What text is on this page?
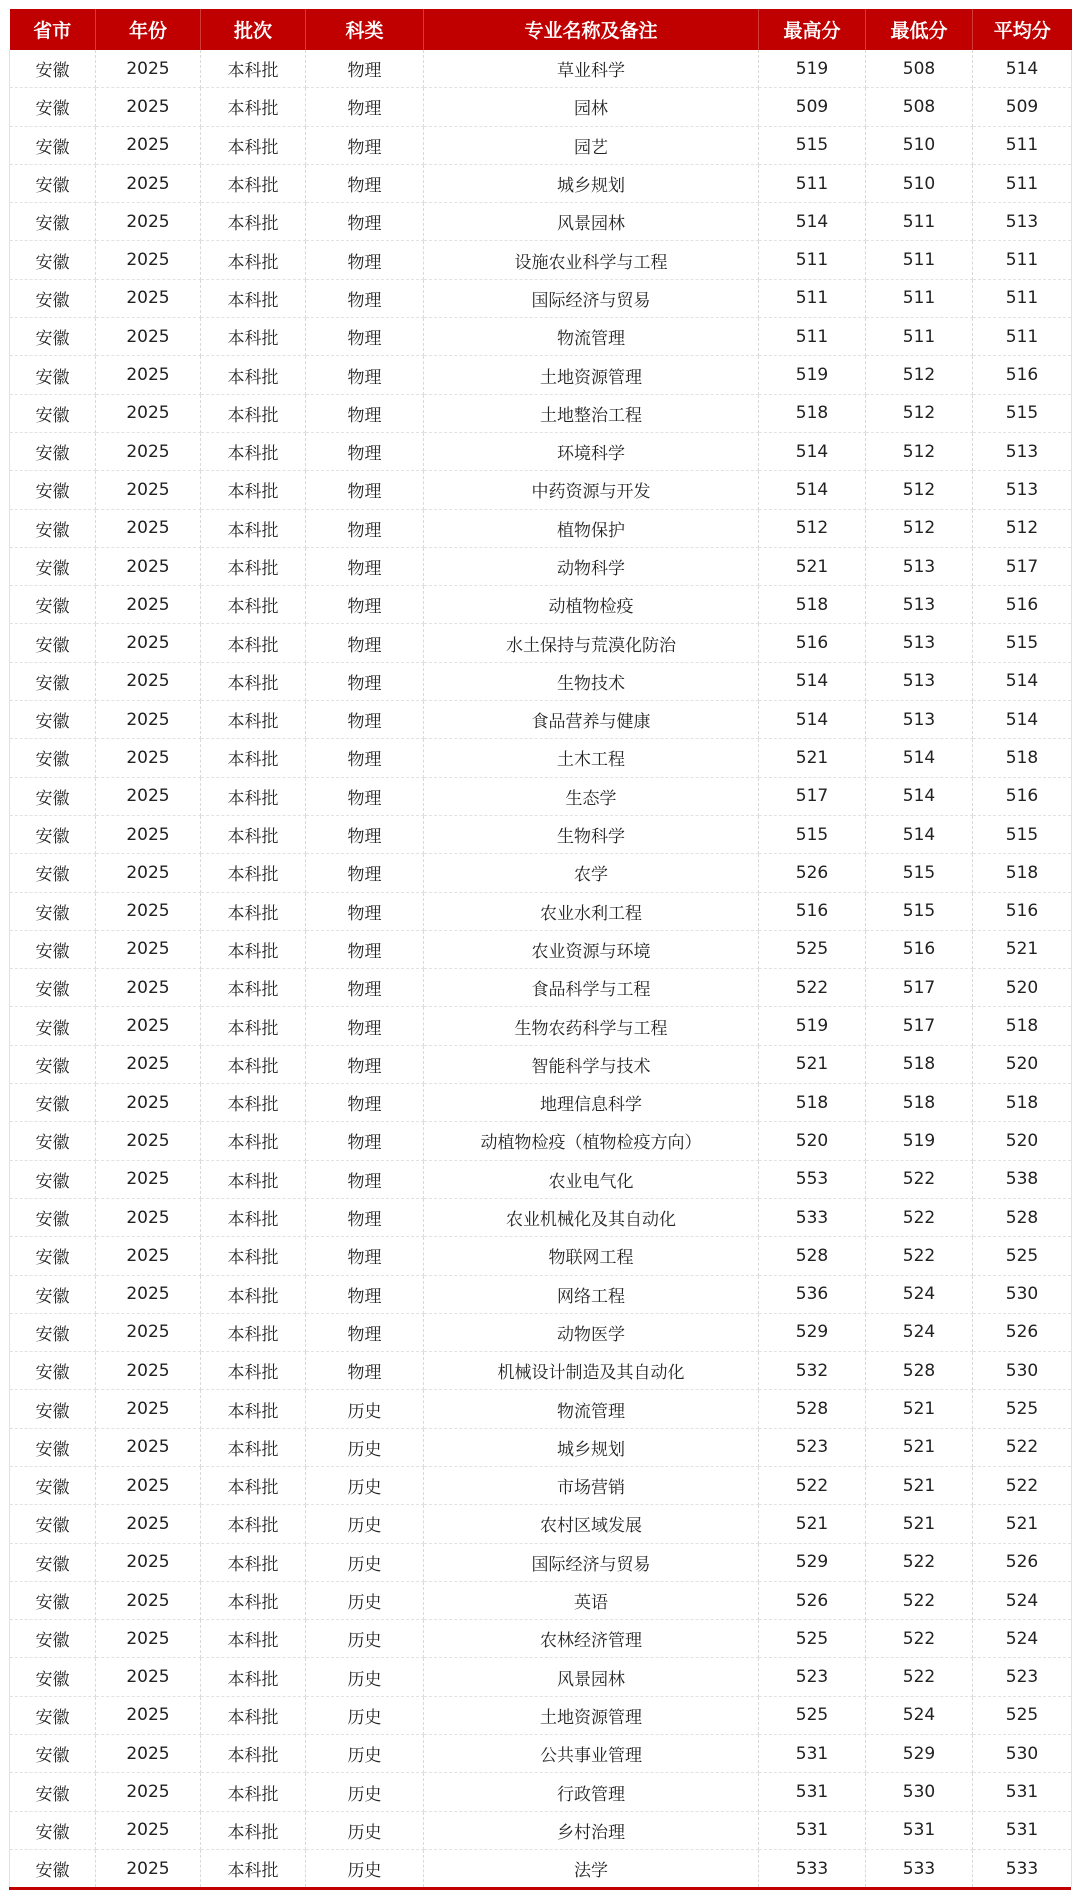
省市	年份	批次	科类	专业名称及备注	最高分	最低分	平均分
安徽	2025	本科批	物理	草业科学	519	508	514
安徽	2025	本科批	物理	园林	509	508	509
安徽	2025	本科批	物理	园艺	515	510	511
安徽	2025	本科批	物理	城乡规划	511	510	511
安徽	2025	本科批	物理	风景园林	514	511	513
安徽	2025	本科批	物理	设施农业科学与工程	511	511	511
安徽	2025	本科批	物理	国际经济与贸易	511	511	511
安徽	2025	本科批	物理	物流管理	511	511	511
安徽	2025	本科批	物理	土地资源管理	519	512	516
安徽	2025	本科批	物理	土地整治工程	518	512	515
安徽	2025	本科批	物理	环境科学	514	512	513
安徽	2025	本科批	物理	中药资源与开发	514	512	513
安徽	2025	本科批	物理	植物保护	512	512	512
安徽	2025	本科批	物理	动物科学	521	513	517
安徽	2025	本科批	物理	动植物检疫	518	513	516
安徽	2025	本科批	物理	水土保持与荒漠化防治	516	513	515
安徽	2025	本科批	物理	生物技术	514	513	514
安徽	2025	本科批	物理	食品营养与健康	514	513	514
安徽	2025	本科批	物理	土木工程	521	514	518
安徽	2025	本科批	物理	生态学	517	514	516
安徽	2025	本科批	物理	生物科学	515	514	515
安徽	2025	本科批	物理	农学	526	515	518
安徽	2025	本科批	物理	农业水利工程	516	515	516
安徽	2025	本科批	物理	农业资源与环境	525	516	521
安徽	2025	本科批	物理	食品科学与工程	522	517	520
安徽	2025	本科批	物理	生物农药科学与工程	519	517	518
安徽	2025	本科批	物理	智能科学与技术	521	518	520
安徽	2025	本科批	物理	地理信息科学	518	518	518
安徽	2025	本科批	物理	动植物检疫（植物检疫方向）	520	519	520
安徽	2025	本科批	物理	农业电气化	553	522	538
安徽	2025	本科批	物理	农业机械化及其自动化	533	522	528
安徽	2025	本科批	物理	物联网工程	528	522	525
安徽	2025	本科批	物理	网络工程	536	524	530
安徽	2025	本科批	物理	动物医学	529	524	526
安徽	2025	本科批	物理	机械设计制造及其自动化	532	528	530
安徽	2025	本科批	历史	物流管理	528	521	525
安徽	2025	本科批	历史	城乡规划	523	521	522
安徽	2025	本科批	历史	市场营销	522	521	522
安徽	2025	本科批	历史	农村区域发展	521	521	521
安徽	2025	本科批	历史	国际经济与贸易	529	522	526
安徽	2025	本科批	历史	英语	526	522	524
安徽	2025	本科批	历史	农林经济管理	525	522	524
安徽	2025	本科批	历史	风景园林	523	522	523
安徽	2025	本科批	历史	土地资源管理	525	524	525
安徽	2025	本科批	历史	公共事业管理	531	529	530
安徽	2025	本科批	历史	行政管理	531	530	531
安徽	2025	本科批	历史	乡村治理	531	531	531
安徽	2025	本科批	历史	法学	533	533	533
